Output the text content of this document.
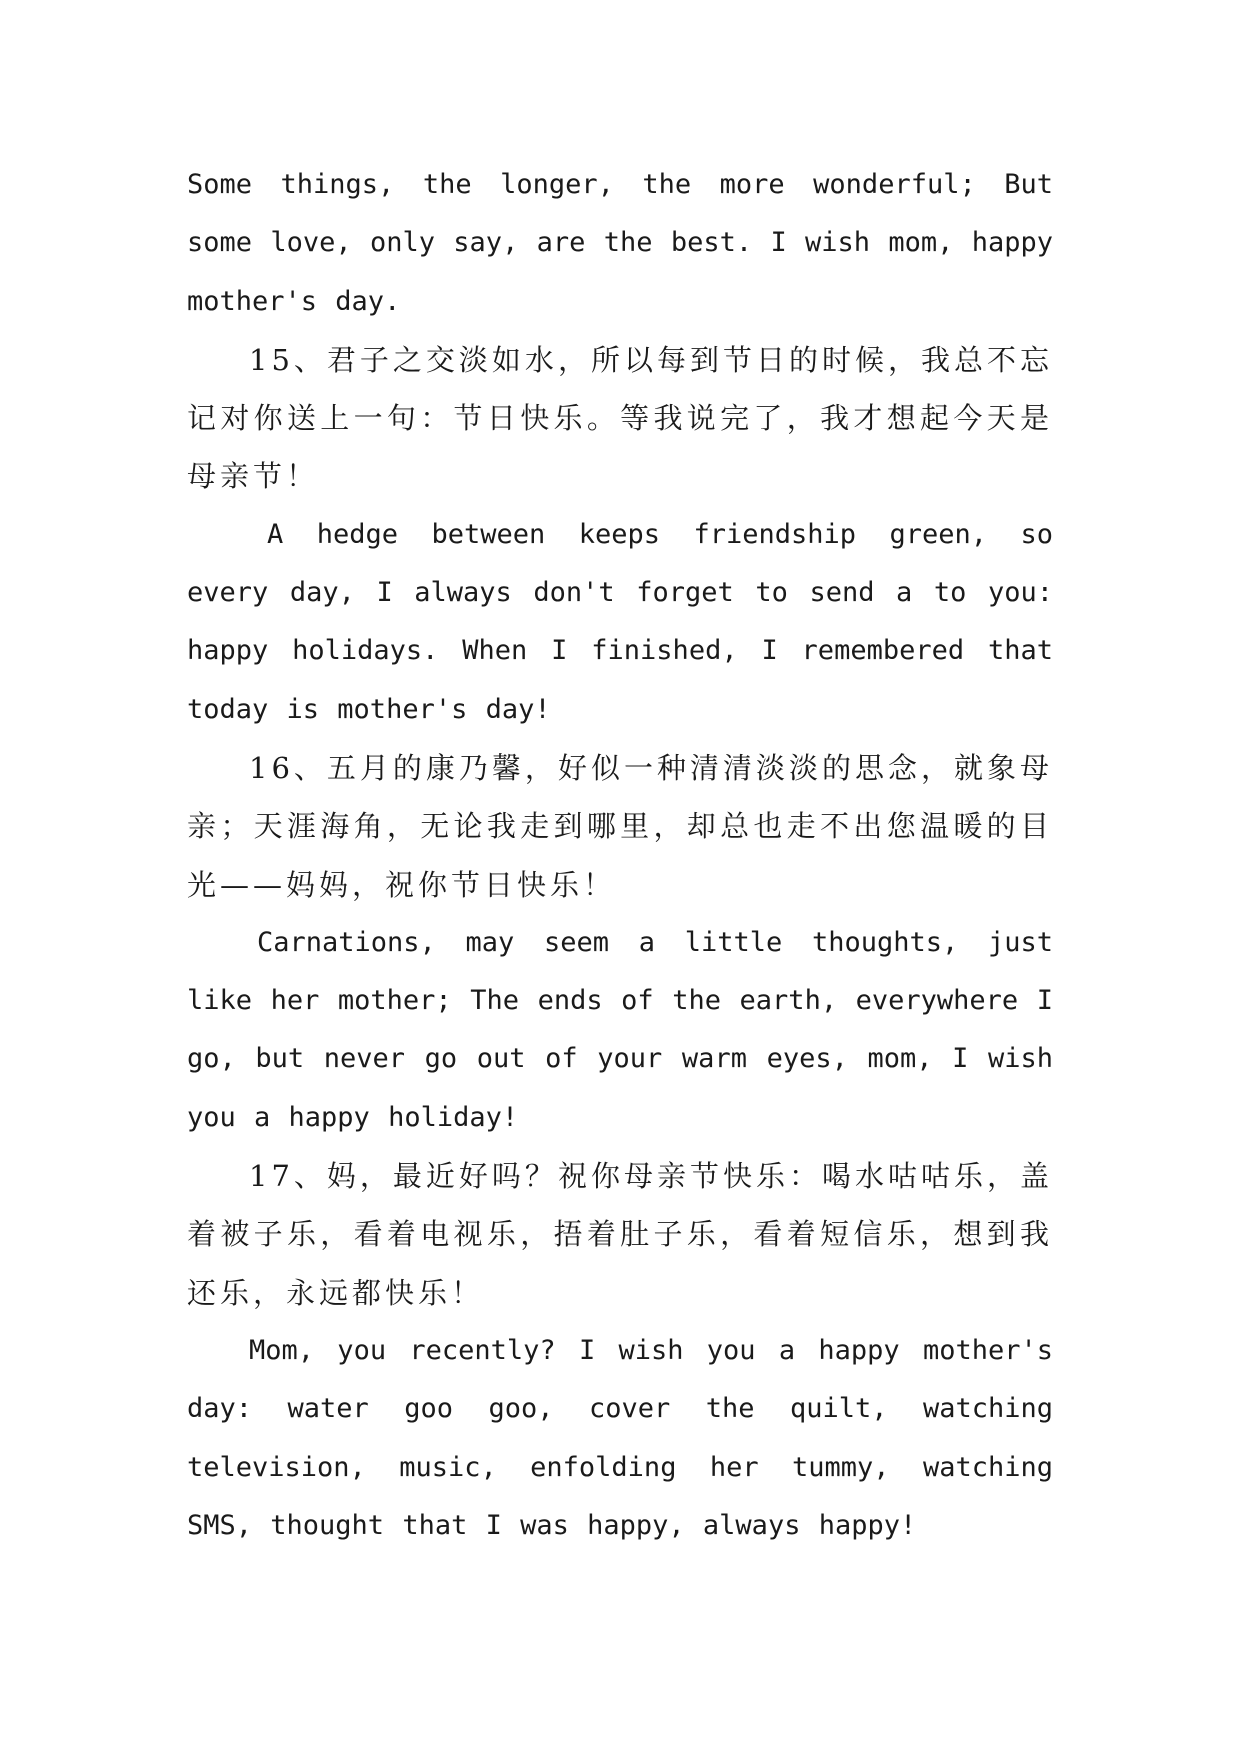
Some things, the longer, the more wonderful; But some love, only say, are the best. I wish mom, happy mother's day.

15、君子之交淡如水，所以每到节日的时候，我总不忘记对你送上一句：节日快乐。等我说完了，我才想起今天是母亲节！

A hedge between keeps friendship green, so every day, I always don't forget to send a to you: happy holidays. When I finished, I remembered that today is mother's day!

16、五月的康乃馨，好似一种清清淡淡的思念，就象母亲；天涯海角，无论我走到哪里，却总也走不出您温暖的目光——妈妈，祝你节日快乐！

Carnations, may seem a little thoughts, just like her mother; The ends of the earth, everywhere I go, but never go out of your warm eyes, mom, I wish you a happy holiday!

17、妈，最近好吗？祝你母亲节快乐：喝水咕咕乐，盖着被子乐，看着电视乐，捂着肚子乐，看着短信乐，想到我还乐，永远都快乐！

Mom, you recently? I wish you a happy mother's day: water goo goo, cover the quilt, watching television, music, enfolding her tummy, watching SMS, thought that I was happy, always happy!
